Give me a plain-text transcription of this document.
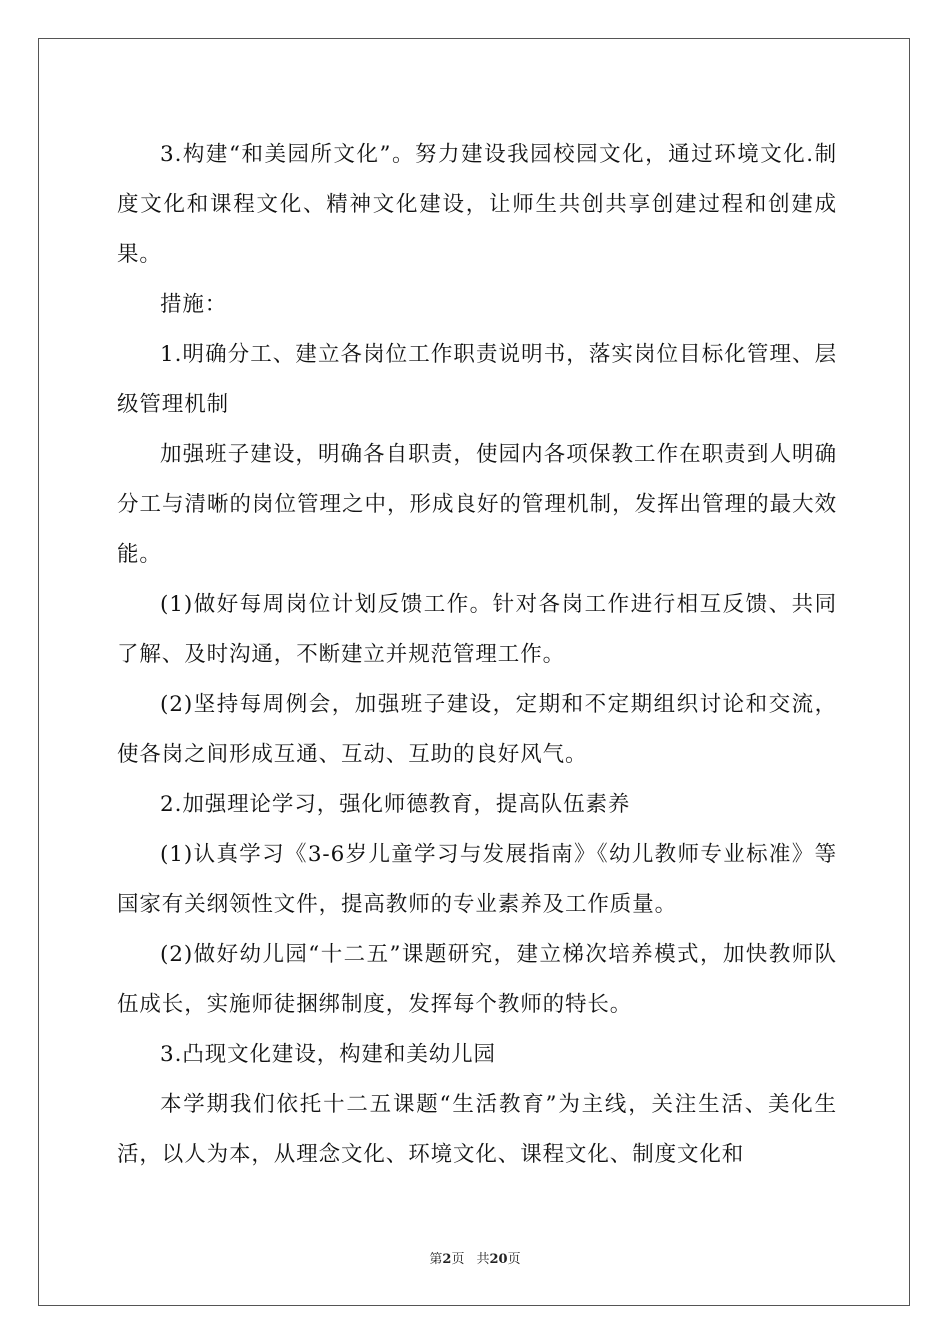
3.构建“和美园所文化”。努力建设我园校园文化，通过环境文化.制度文化和课程文化、精神文化建设，让师生共创共享创建过程和创建成果。

措施：

1.明确分工、建立各岗位工作职责说明书，落实岗位目标化管理、层级管理机制

加强班子建设，明确各自职责，使园内各项保教工作在职责到人明确分工与清晰的岗位管理之中，形成良好的管理机制，发挥出管理的最大效能。

(1)做好每周岗位计划反馈工作。针对各岗工作进行相互反馈、共同了解、及时沟通，不断建立并规范管理工作。

(2)坚持每周例会，加强班子建设，定期和不定期组织讨论和交流，使各岗之间形成互通、互动、互助的良好风气。

2.加强理论学习，强化师德教育，提高队伍素养

(1)认真学习《3-6岁儿童学习与发展指南》《幼儿教师专业标准》等国家有关纲领性文件，提高教师的专业素养及工作质量。

(2)做好幼儿园“十二五”课题研究，建立梯次培养模式，加快教师队伍成长，实施师徒捆绑制度，发挥每个教师的特长。

3.凸现文化建设，构建和美幼儿园

本学期我们依托十二五课题“生活教育”为主线，关注生活、美化生活，以人为本，从理念文化、环境文化、课程文化、制度文化和

第2页 共20页
